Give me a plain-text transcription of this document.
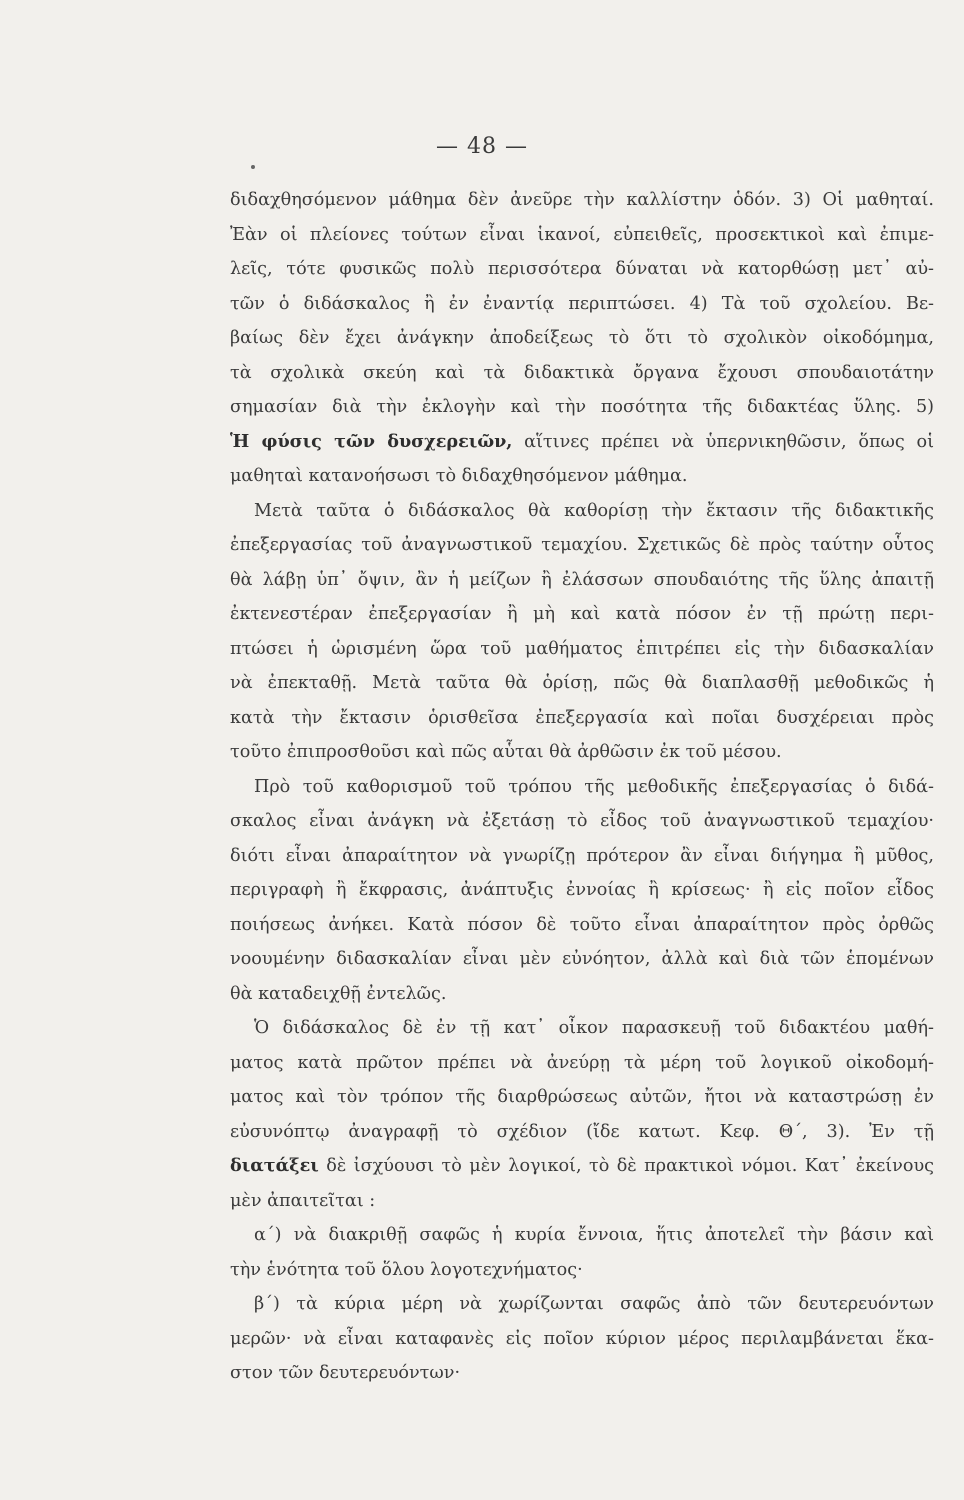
— 48 —
διδαχθησόμενον μάθημα δὲν ἀνεῦρε τὴν καλλίστην ὁδόν. 3) Οἱ μαθηταί.
Ἐὰν οἱ πλείονες τούτων εἶναι ἱκανοί, εὐπειθεῖς, προσεκτικοὶ καὶ ἐπιμε-
λεῖς, τότε φυσικῶς πολὺ περισσότερα δύναται νὰ κατορθώσῃ μετ᾽ αὐ-
τῶν ὁ διδάσκαλος ἢ ἐν ἐναντίᾳ περιπτώσει. 4) Τὰ τοῦ σχολείου. Βε-
βαίως δὲν ἔχει ἀνάγκην ἀποδείξεως τὸ ὅτι τὸ σχολικὸν οἰκοδόμημα,
τὰ σχολικὰ σκεύη καὶ τὰ διδακτικὰ ὄργανα ἔχουσι σπουδαιοτάτην
σημασίαν διὰ τὴν ἐκλογὴν καὶ τὴν ποσότητα τῆς διδακτέας ὕλης. 5)
Ἡ φύσις τῶν δυσχερειῶν, αἵτινες πρέπει νὰ ὑπερνικηθῶσιν, ὅπως οἱ
μαθηταὶ κατανοήσωσι τὸ διδαχθησόμενον μάθημα.
Μετὰ ταῦτα ὁ διδάσκαλος θὰ καθορίσῃ τὴν ἔκτασιν τῆς διδακτικῆς
ἐπεξεργασίας τοῦ ἀναγνωστικοῦ τεμαχίου. Σχετικῶς δὲ πρὸς ταύτην οὗτος
θὰ λάβῃ ὑπ᾽ ὄψιν, ἂν ἡ μείζων ἢ ἐλάσσων σπουδαιότης τῆς ὕλης ἀπαιτῇ
ἐκτενεστέραν ἐπεξεργασίαν ἢ μὴ καὶ κατὰ πόσον ἐν τῇ πρώτῃ περι-
πτώσει ἡ ὡρισμένη ὥρα τοῦ μαθήματος ἐπιτρέπει εἰς τὴν διδασκαλίαν
νὰ ἐπεκταθῇ. Μετὰ ταῦτα θὰ ὁρίσῃ, πῶς θὰ διαπλασθῇ μεθοδικῶς ἡ
κατὰ τὴν ἔκτασιν ὁρισθεῖσα ἐπεξεργασία καὶ ποῖαι δυσχέρειαι πρὸς
τοῦτο ἐπιπροσθοῦσι καὶ πῶς αὗται θὰ ἀρθῶσιν ἐκ τοῦ μέσου.
Πρὸ τοῦ καθορισμοῦ τοῦ τρόπου τῆς μεθοδικῆς ἐπεξεργασίας ὁ διδά-
σκαλος εἶναι ἀνάγκη νὰ ἐξετάσῃ τὸ εἶδος τοῦ ἀναγνωστικοῦ τεμαχίου·
διότι εἶναι ἀπαραίτητον νὰ γνωρίζῃ πρότερον ἂν εἶναι διήγημα ἢ μῦθος,
περιγραφὴ ἢ ἔκφρασις, ἀνάπτυξις ἐννοίας ἢ κρίσεως· ἢ εἰς ποῖον εἶδος
ποιήσεως ἀνήκει. Κατὰ πόσον δὲ τοῦτο εἶναι ἀπαραίτητον πρὸς ὀρθῶς
νοουμένην διδασκαλίαν εἶναι μὲν εὐνόητον, ἀλλὰ καὶ διὰ τῶν ἑπομένων
θὰ καταδειχθῇ ἐντελῶς.
Ὁ διδάσκαλος δὲ ἐν τῇ κατ᾽ οἶκον παρασκευῇ τοῦ διδακτέου μαθή-
ματος κατὰ πρῶτον πρέπει νὰ ἀνεύρῃ τὰ μέρη τοῦ λογικοῦ οἰκοδομή-
ματος καὶ τὸν τρόπον τῆς διαρθρώσεως αὐτῶν, ἤτοι νὰ καταστρώσῃ ἐν
εὐσυνόπτῳ ἀναγραφῇ τὸ σχέδιον (ἴδε κατωτ. Κεφ. Θ΄, 3). Ἐν τῇ
διατάξει δὲ ἰσχύουσι τὸ μὲν λογικοί, τὸ δὲ πρακτικοὶ νόμοι. Κατ᾽ ἐκείνους
μὲν ἀπαιτεῖται :
α΄) νὰ διακριθῇ σαφῶς ἡ κυρία ἔννοια, ἥτις ἀποτελεῖ τὴν βάσιν καὶ
τὴν ἑνότητα τοῦ ὅλου λογοτεχνήματος·
β΄) τὰ κύρια μέρη νὰ χωρίζωνται σαφῶς ἀπὸ τῶν δευτερευόντων
μερῶν· νὰ εἶναι καταφανὲς εἰς ποῖον κύριον μέρος περιλαμβάνεται ἕκα-
στον τῶν δευτερευόντων·
